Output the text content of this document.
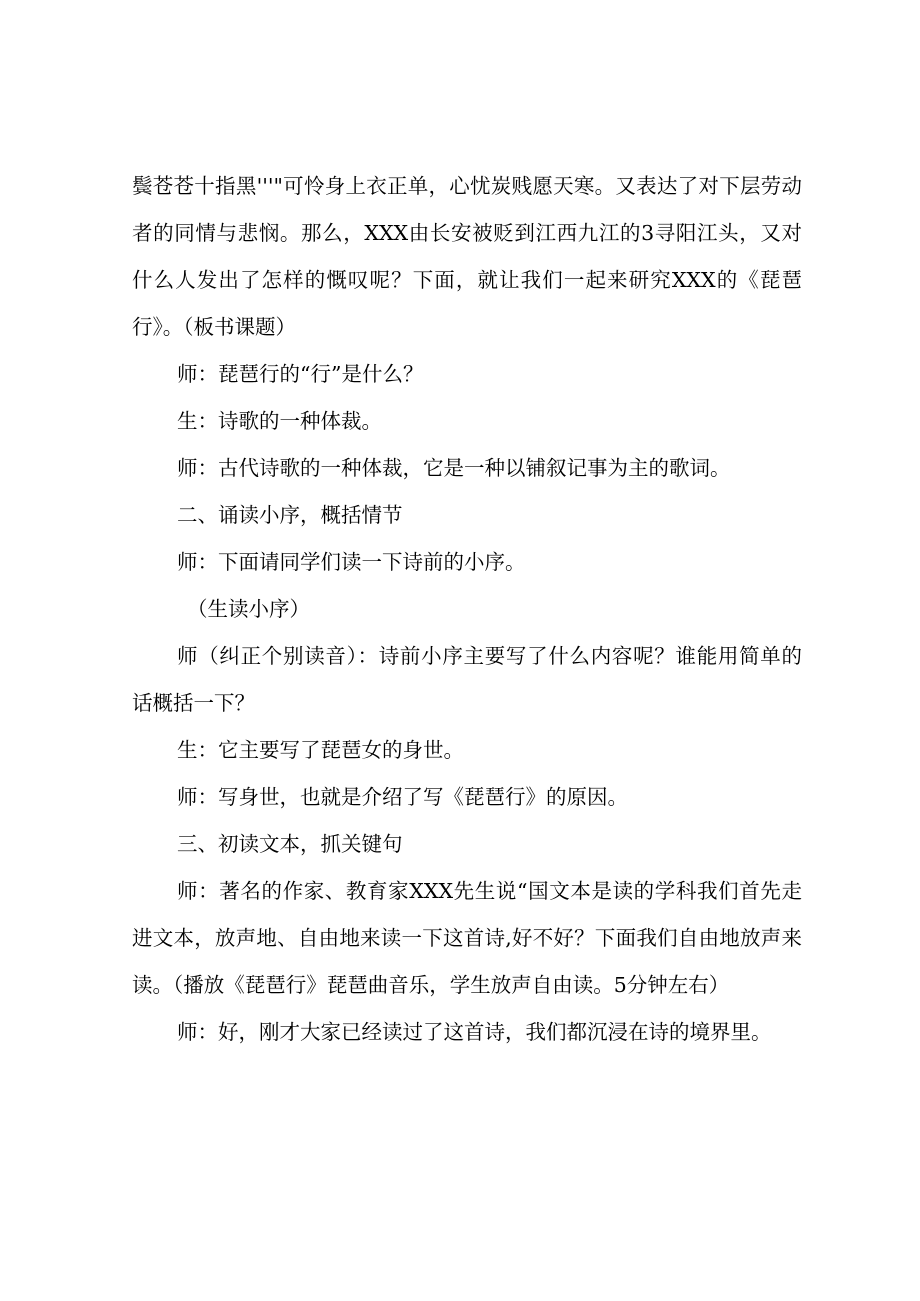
鬓苍苍十指黑'''"可怜身上衣正单，心忧炭贱愿天寒。又表达了对下层劳动者的同情与悲悯。那么，XXX由长安被贬到江西九江的3寻阳江头，又对什么人发出了怎样的慨叹呢？下面，就让我们一起来研究XXX的《琵琶行》。（板书课题）

师：琵琶行的“行”是什么？

生：诗歌的一种体裁。

师：古代诗歌的一种体裁，它是一种以铺叙记事为主的歌词。

二、诵读小序，概括情节

师：下面请同学们读一下诗前的小序。

（生读小序）

师（纠正个别读音）：诗前小序主要写了什么内容呢？谁能用简单的话概括一下？

生：它主要写了琵琶女的身世。

师：写身世，也就是介绍了写《琵琶行》的原因。

三、初读文本，抓关键句

师：著名的作家、教育家XXX先生说“国文本是读的学科我们首先走进文本，放声地、自由地来读一下这首诗,好不好？下面我们自由地放声来读。（播放《琵琶行》琵琶曲音乐，学生放声自由读。5分钟左右）

师：好，刚才大家已经读过了这首诗，我们都沉浸在诗的境界里。
